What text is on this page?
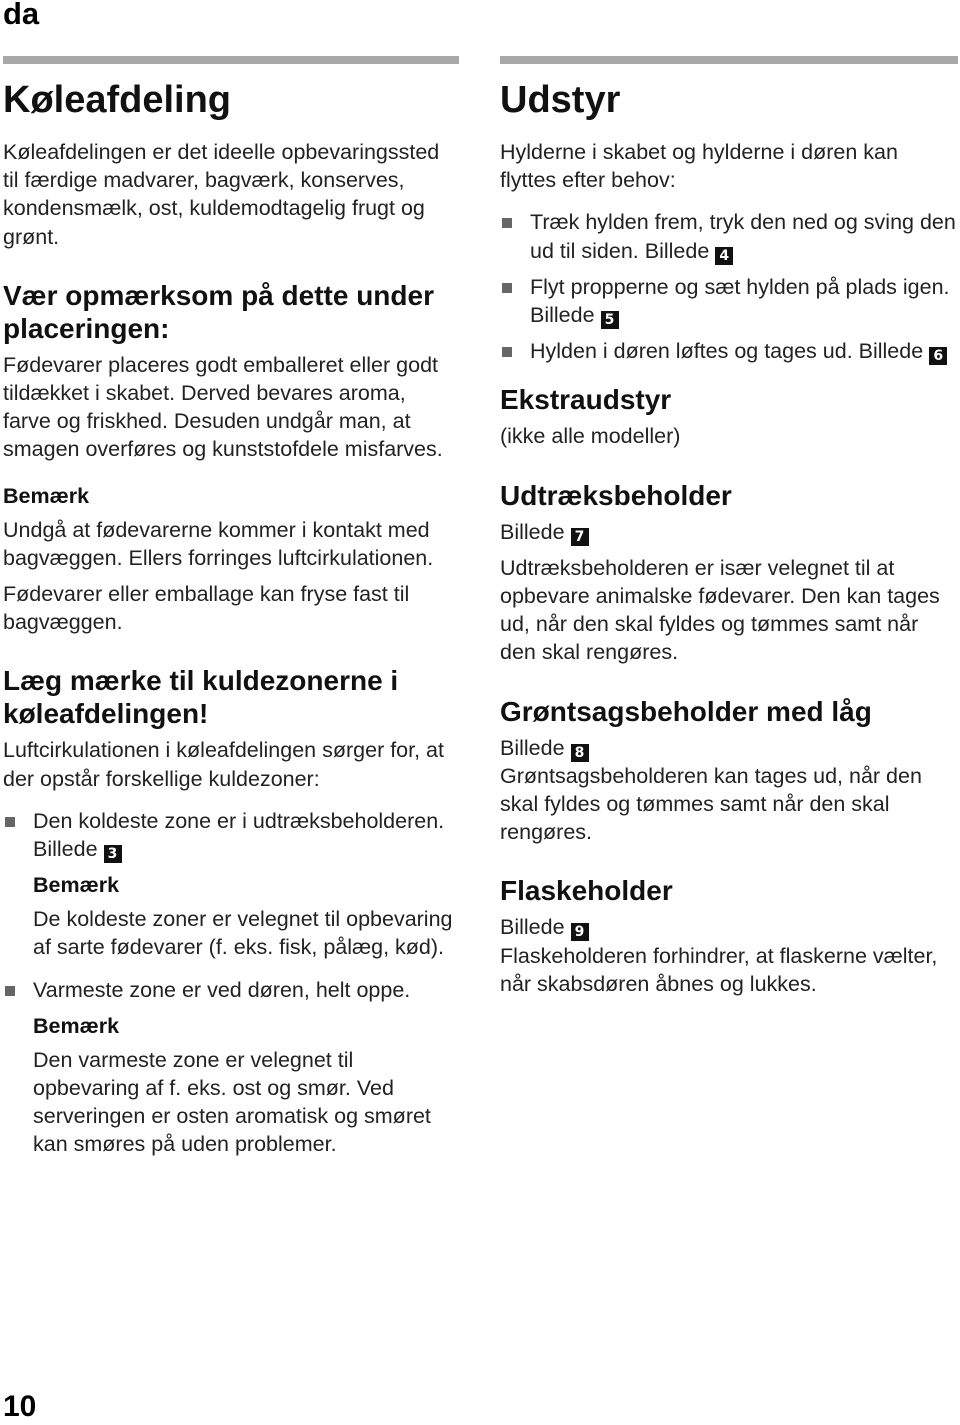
da
Køleafdeling

Køleafdelingen er det ideelle opbevaringssted til færdige madvarer, bagværk, konserves, kondensmælk, ost, kuldemodtagelig frugt og grønt.

Vær opmærksom på dette under placeringen:

Fødevarer placeres godt emballeret eller godt tildækket i skabet. Derved bevares aroma, farve og friskhed. Desuden undgår man, at smagen overføres og kunststofdele misfarves.

Bemærk

Undgå at fødevarerne kommer i kontakt med bagvæggen. Ellers forringes luftcirkulationen.

Fødevarer eller emballage kan fryse fast til bagvæggen.

Læg mærke til kuldezonerne i køleafdelingen!

Luftcirkulationen i køleafdelingen sørger for, at der opstår forskellige kuldezoner:

Den koldeste zone er i udtræksbeholderen. Billede 3
Bemærk

De koldeste zoner er velegnet til opbevaring af sarte fødevarer (f. eks. fisk, pålæg, kød).

Varmeste zone er ved døren, helt oppe.
Bemærk

Den varmeste zone er velegnet til opbevaring af f. eks. ost og smør. Ved serveringen er osten aromatisk og smøret kan smøres på uden problemer.

Udstyr

Hylderne i skabet og hylderne i døren kan flyttes efter behov:

Træk hylden frem, tryk den ned og sving den ud til siden. Billede 4
Flyt propperne og sæt hylden på plads igen. Billede 5
Hylden i døren løftes og tages ud. Billede 6
Ekstraudstyr

(ikke alle modeller)

Udtræksbeholder

Billede 7

Udtræksbeholderen er især velegnet til at opbevare animalske fødevarer. Den kan tages ud, når den skal fyldes og tømmes samt når den skal rengøres.

Grøntsagsbeholder med låg

Billede 8

Grøntsagsbeholderen kan tages ud, når den skal fyldes og tømmes samt når den skal rengøres.

Flaskeholder

Billede 9

Flaskeholderen forhindrer, at flaskerne vælter, når skabsdøren åbnes og lukkes.

10
